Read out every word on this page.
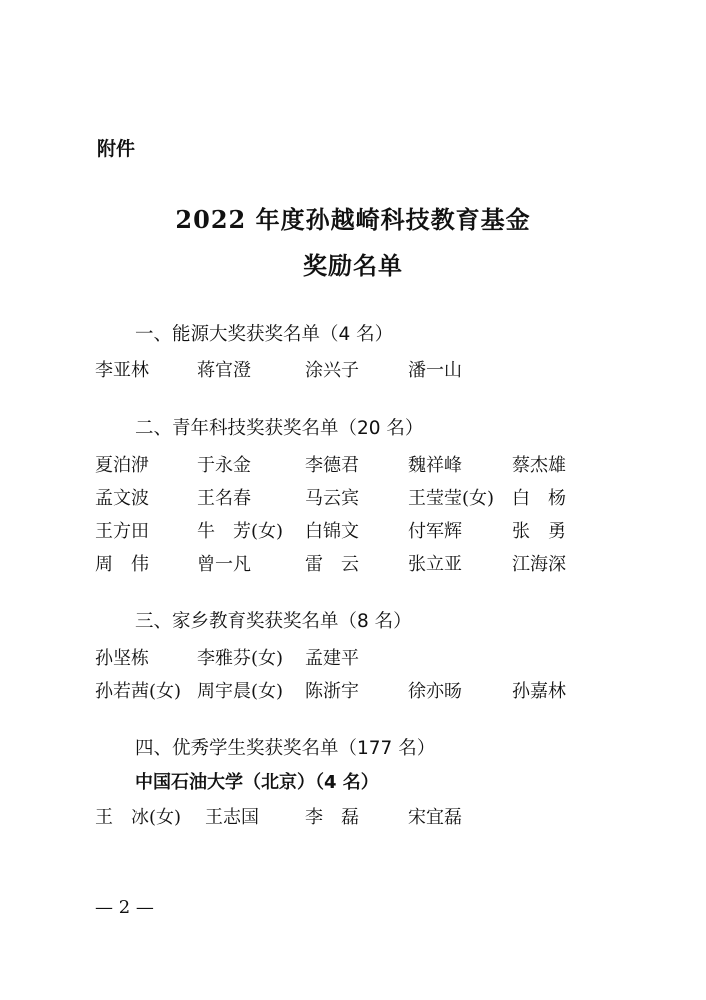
附件
2022 年度孙越崎科技教育基金
奖励名单
一、能源大奖获奖名单（4 名）
李亚林	蒋官澄	涂兴子	潘一山
二、青年科技奖获奖名单（20 名）
夏泊洢	于永金	李德君	魏祥峰	蔡杰雄
孟文波	王名春	马云宾	王莹莹(女) 白　杨
王方田	牛　芳(女) 白锦文	付军辉	张　勇
周　伟	曾一凡	雷　云	张立亚	江海深
三、家乡教育奖获奖名单（8 名）
孙坚栋	李雅芬(女) 孟建平
孙若茜(女) 周宇晨(女) 陈浙宇	徐亦旸	孙嘉林
四、优秀学生奖获奖名单（177 名）
中国石油大学（北京）（4 名）
王　冰(女) 王志国	李　磊	宋宜磊
— 2 —
